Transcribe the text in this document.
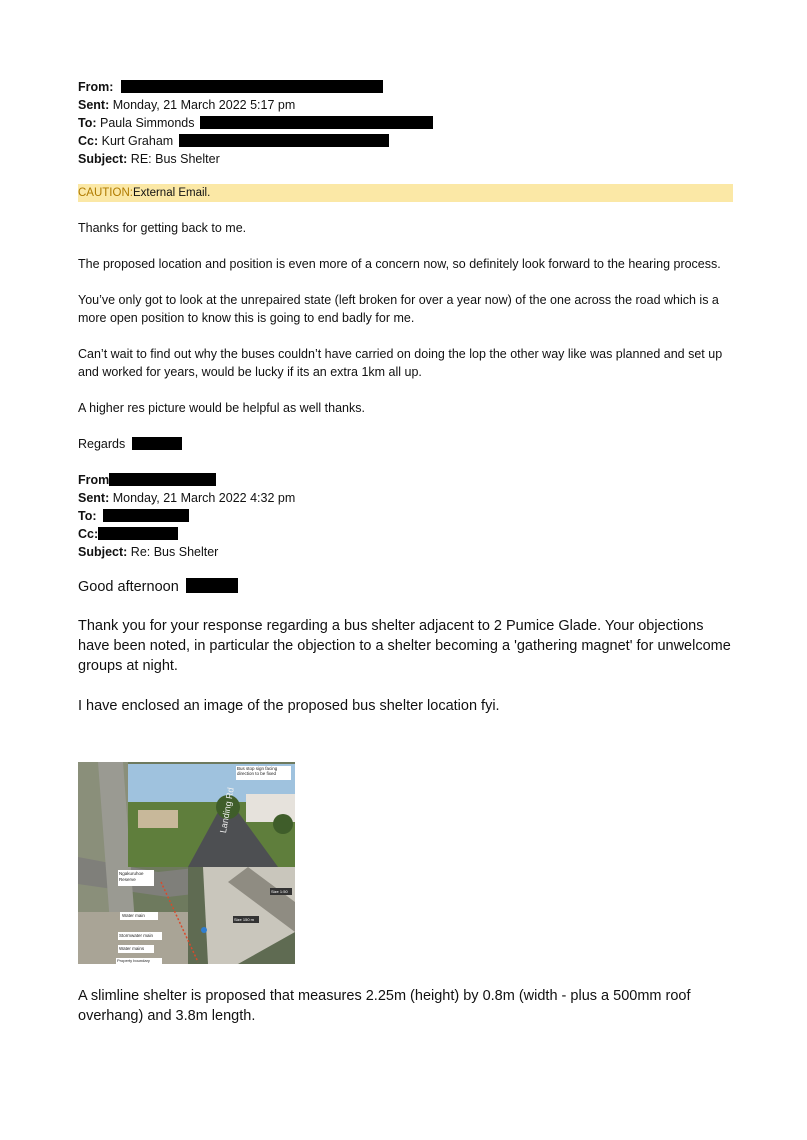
From:
Sent: Monday, 21 March 2022 5:17 pm
To: Paula Simmonds
Cc: Kurt Graham
Subject: RE: Bus Shelter
CAUTION:External Email.

Thanks for getting back to me.

The proposed location and position is even more of a concern now, so definitely look forward to the hearing process.

You’ve only got to look at the unrepaired state (left broken for over a year now) of the one across the road which is a more open position to know this is going to end badly for me.

Can’t wait to find out why the buses couldn’t have carried on doing the lop the other way like was planned and set up and worked for years, would be lucky if its an extra 1km all up.

A higher res picture would be helpful as well thanks.

Regards

From
Sent: Monday, 21 March 2022 4:32 pm
To:
Cc:
Subject: Re: Bus Shelter

Good afternoon

Thank you for your response regarding a bus shelter adjacent to 2 Pumice Glade. Your objections have been noted, in particular the objection to a shelter becoming a 'gathering magnet' for unwelcome groups at night.

I have enclosed an image of the proposed bus shelter location fyi.

Bus stop sign facing direction to be fixed
Landing Rd
Ngakuruhoe Reserve
Water main
Stormwater main
Water mains
Property boundary
Size 1:50
Size 150 m

A slimline shelter is proposed that measures 2.25m (height) by 0.8m (width - plus a 500mm roof overhang) and 3.8m length.
